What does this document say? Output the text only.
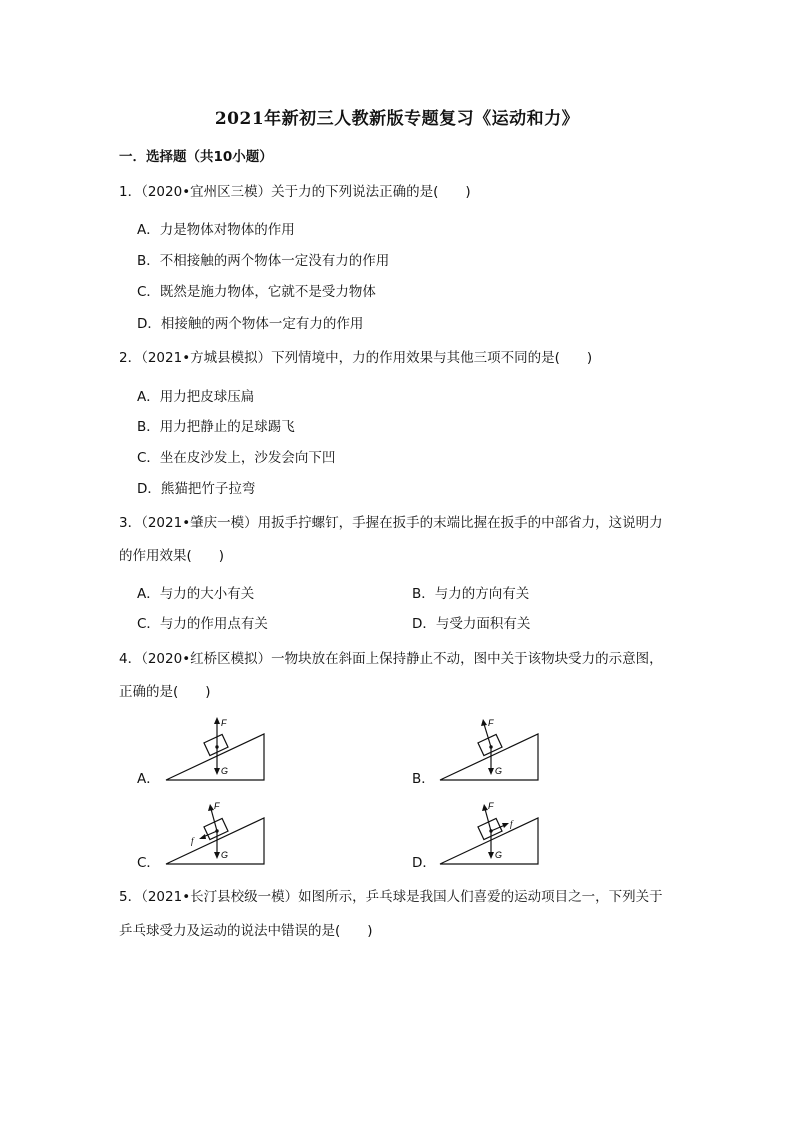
2021年新初三人教新版专题复习《运动和力》
一．选择题（共10小题）
1．（2020•宜州区三模）关于力的下列说法正确的是(　　)
A．力是物体对物体的作用
B．不相接触的两个物体一定没有力的作用
C．既然是施力物体，它就不是受力物体
D．相接触的两个物体一定有力的作用
2．（2021•方城县模拟）下列情境中，力的作用效果与其他三项不同的是(　　)
A．用力把皮球压扁
B．用力把静止的足球踢飞
C．坐在皮沙发上，沙发会向下凹
D．熊猫把竹子拉弯
3．（2021•肇庆一模）用扳手拧螺钉，手握在扳手的末端比握在扳手的中部省力，这说明力
的作用效果(　　)
A．与力的大小有关	B．与力的方向有关
C．与力的作用点有关	D．与受力面积有关
4．（2020•红桥区模拟）一物块放在斜面上保持静止不动，图中关于该物块受力的示意图，
正确的是(　　)
A．
F
G	B．
F
G
C．
F
G
f
D．
F
G
f
5．（2021•长汀县校级一模）如图所示，乒乓球是我国人们喜爱的运动项目之一，下列关于
乒乓球受力及运动的说法中错误的是(　　)
